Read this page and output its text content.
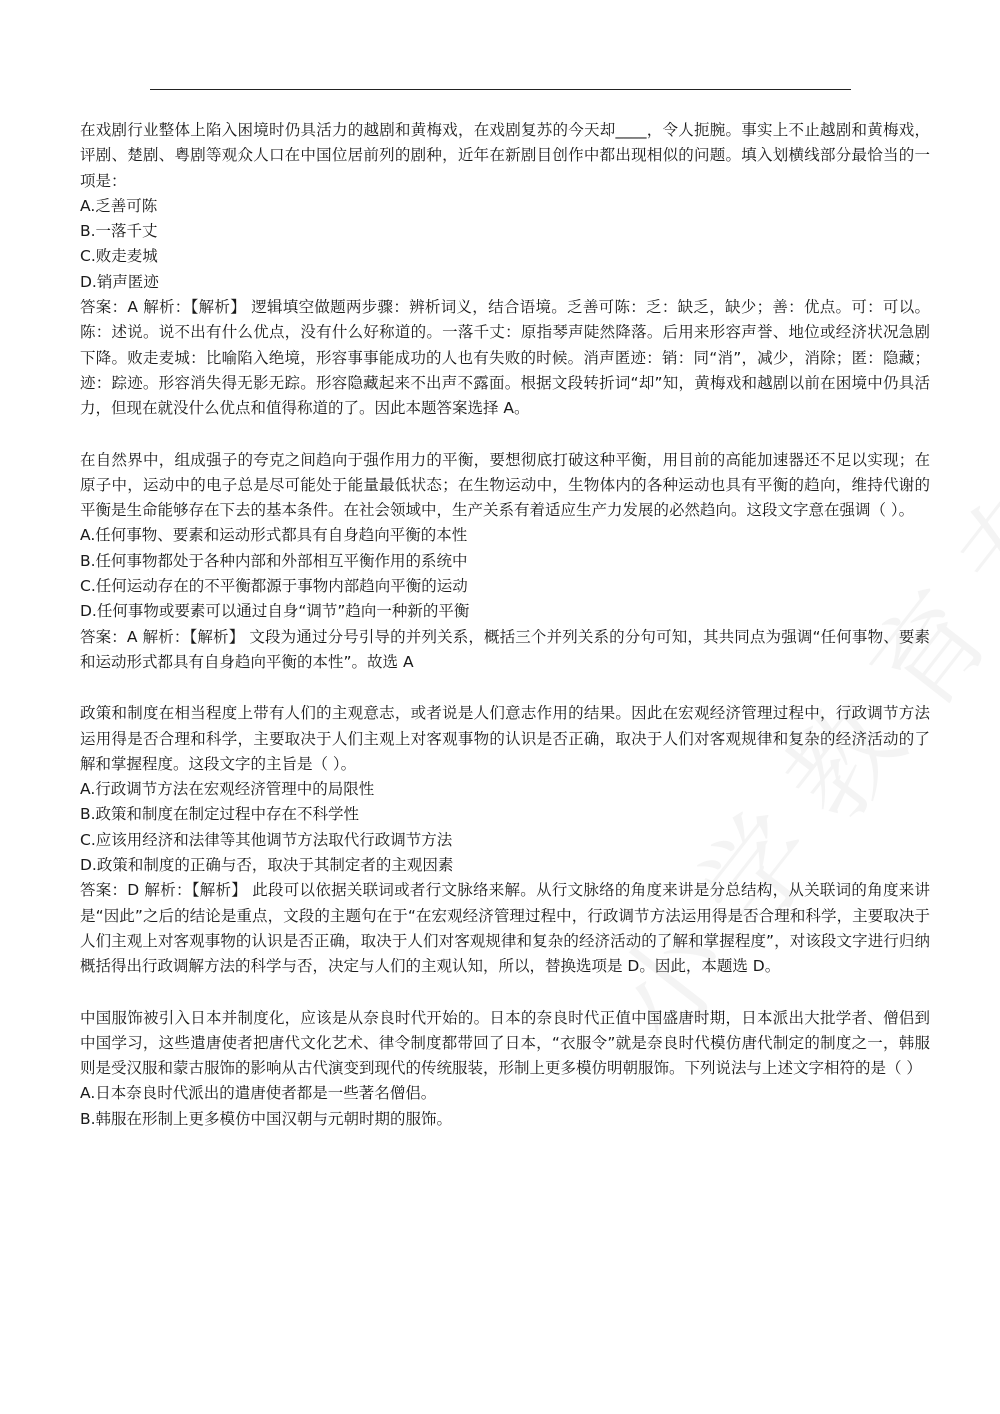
在戏剧行业整体上陷入困境时仍具活力的越剧和黄梅戏，在戏剧复苏的今天却____，令人扼腕。事实上不止越剧和黄梅戏，评剧、楚剧、粤剧等观众人口在中国位居前列的剧种，近年在新剧目创作中都出现相似的问题。填入划横线部分最恰当的一项是：

A.乏善可陈
B.一落千丈
C.败走麦城
D.销声匿迹

答案：A 解析：【解析】 逻辑填空做题两步骤：辨析词义，结合语境。乏善可陈：乏：缺乏，缺少；善：优点。可：可以。陈：述说。说不出有什么优点，没有什么好称道的。一落千丈：原指琴声陡然降落。后用来形容声誉、地位或经济状况急剧下降。败走麦城：比喻陷入绝境，形容事事能成功的人也有失败的时候。消声匿迹：销：同“消”，减少，消除；匿：隐藏；迹：踪迹。形容消失得无影无踪。形容隐藏起来不出声不露面。根据文段转折词“却”知，黄梅戏和越剧以前在困境中仍具活力，但现在就没什么优点和值得称道的了。因此本题答案选择 A。

在自然界中，组成强子的夸克之间趋向于强作用力的平衡，要想彻底打破这种平衡，用目前的高能加速器还不足以实现；在原子中，运动中的电子总是尽可能处于能量最低状态；在生物运动中，生物体内的各种运动也具有平衡的趋向，维持代谢的平衡是生命能够存在下去的基本条件。在社会领域中，生产关系有着适应生产力发展的必然趋向。这段文字意在强调（ ）。

A.任何事物、要素和运动形式都具有自身趋向平衡的本性
B.任何事物都处于各种内部和外部相互平衡作用的系统中
C.任何运动存在的不平衡都源于事物内部趋向平衡的运动
D.任何事物或要素可以通过自身“调节”趋向一种新的平衡

答案：A 解析：【解析】 文段为通过分号引导的并列关系，概括三个并列关系的分句可知，其共同点为强调“任何事物、要素和运动形式都具有自身趋向平衡的本性”。故选 A

政策和制度在相当程度上带有人们的主观意志，或者说是人们意志作用的结果。因此在宏观经济管理过程中，行政调节方法运用得是否合理和科学，主要取决于人们主观上对客观事物的认识是否正确，取决于人们对客观规律和复杂的经济活动的了解和掌握程度。这段文字的主旨是（ ）。

A.行政调节方法在宏观经济管理中的局限性
B.政策和制度在制定过程中存在不科学性
C.应该用经济和法律等其他调节方法取代行政调节方法
D.政策和制度的正确与否，取决于其制定者的主观因素

答案：D 解析：【解析】 此段可以依据关联词或者行文脉络来解。从行文脉络的角度来讲是分总结构，从关联词的角度来讲是“因此”之后的结论是重点，文段的主题句在于“在宏观经济管理过程中，行政调节方法运用得是否合理和科学，主要取决于人们主观上对客观事物的认识是否正确，取决于人们对客观规律和复杂的经济活动的了解和掌握程度”，对该段文字进行归纳概括得出行政调解方法的科学与否，决定与人们的主观认知，所以，替换选项是 D。因此，本题选 D。

中国服饰被引入日本并制度化，应该是从奈良时代开始的。日本的奈良时代正值中国盛唐时期，日本派出大批学者、僧侣到中国学习，这些遣唐使者把唐代文化艺术、律令制度都带回了日本，“衣服令”就是奈良时代模仿唐代制定的制度之一，韩服则是受汉服和蒙古服饰的影响从古代演变到现代的传统服装，形制上更多模仿明朝服饰。下列说法与上述文字相符的是（ ）

A.日本奈良时代派出的遣唐使者都是一些著名僧侣。
B.韩服在形制上更多模仿中国汉朝与元朝时期的服饰。
